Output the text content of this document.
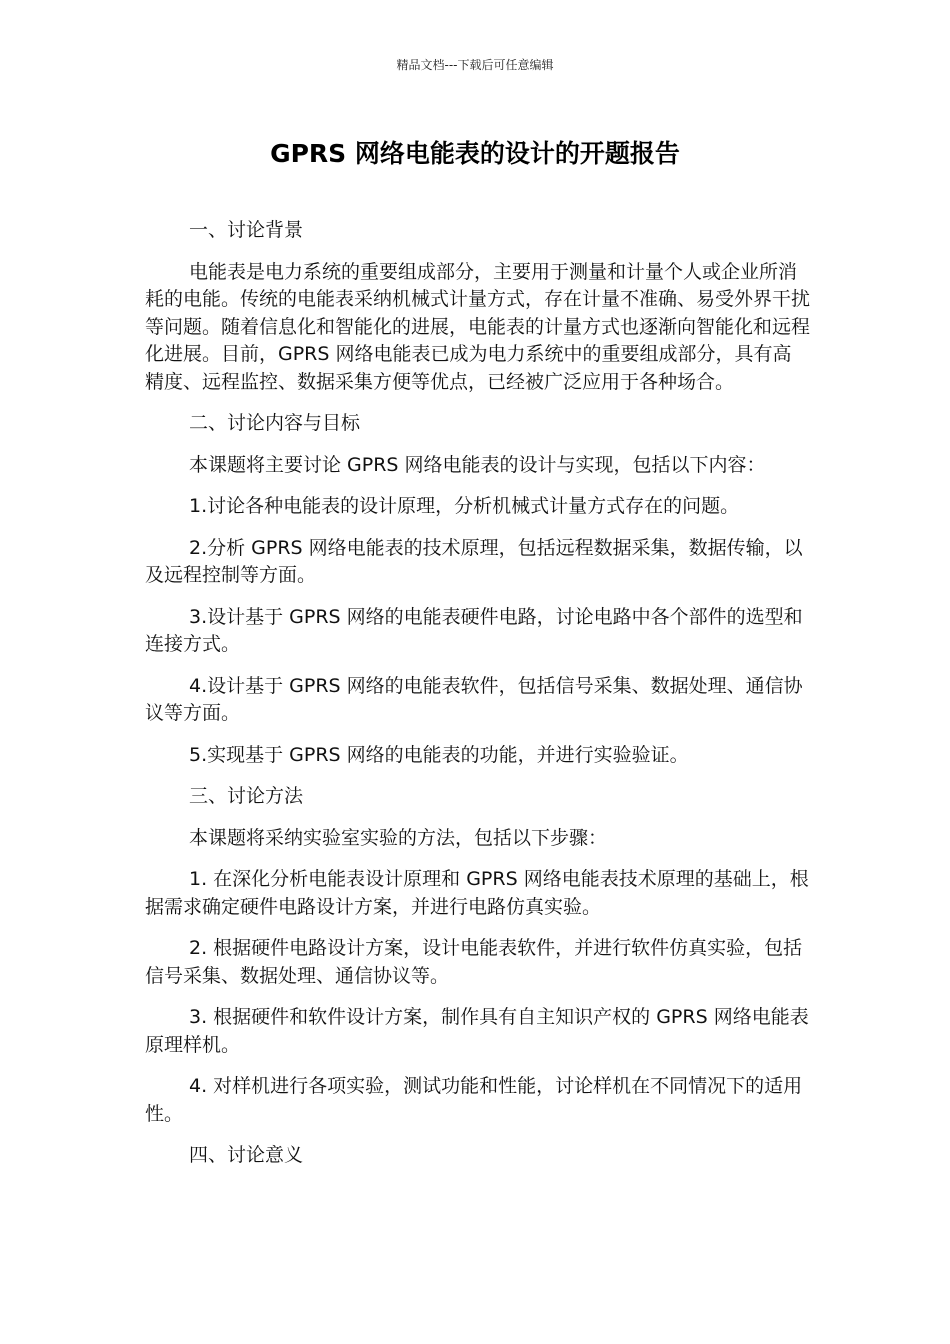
精品文档---下载后可任意编辑
GPRS 网络电能表的设计的开题报告

一、讨论背景

电能表是电力系统的重要组成部分，主要用于测量和计量个人或企业所消耗的电能。传统的电能表采纳机械式计量方式，存在计量不准确、易受外界干扰等问题。随着信息化和智能化的进展，电能表的计量方式也逐渐向智能化和远程化进展。目前，GPRS 网络电能表已成为电力系统中的重要组成部分，具有高精度、远程监控、数据采集方便等优点，已经被广泛应用于各种场合。

二、讨论内容与目标

本课题将主要讨论 GPRS 网络电能表的设计与实现，包括以下内容：

1.讨论各种电能表的设计原理，分析机械式计量方式存在的问题。

2.分析 GPRS 网络电能表的技术原理，包括远程数据采集，数据传输，以及远程控制等方面。

3.设计基于 GPRS 网络的电能表硬件电路，讨论电路中各个部件的选型和连接方式。

4.设计基于 GPRS 网络的电能表软件，包括信号采集、数据处理、通信协议等方面。

5.实现基于 GPRS 网络的电能表的功能，并进行实验验证。

三、讨论方法

本课题将采纳实验室实验的方法，包括以下步骤：

1. 在深化分析电能表设计原理和 GPRS 网络电能表技术原理的基础上，根据需求确定硬件电路设计方案，并进行电路仿真实验。

2. 根据硬件电路设计方案，设计电能表软件，并进行软件仿真实验，包括信号采集、数据处理、通信协议等。

3. 根据硬件和软件设计方案，制作具有自主知识产权的 GPRS 网络电能表原理样机。

4. 对样机进行各项实验，测试功能和性能，讨论样机在不同情况下的适用性。

四、讨论意义
